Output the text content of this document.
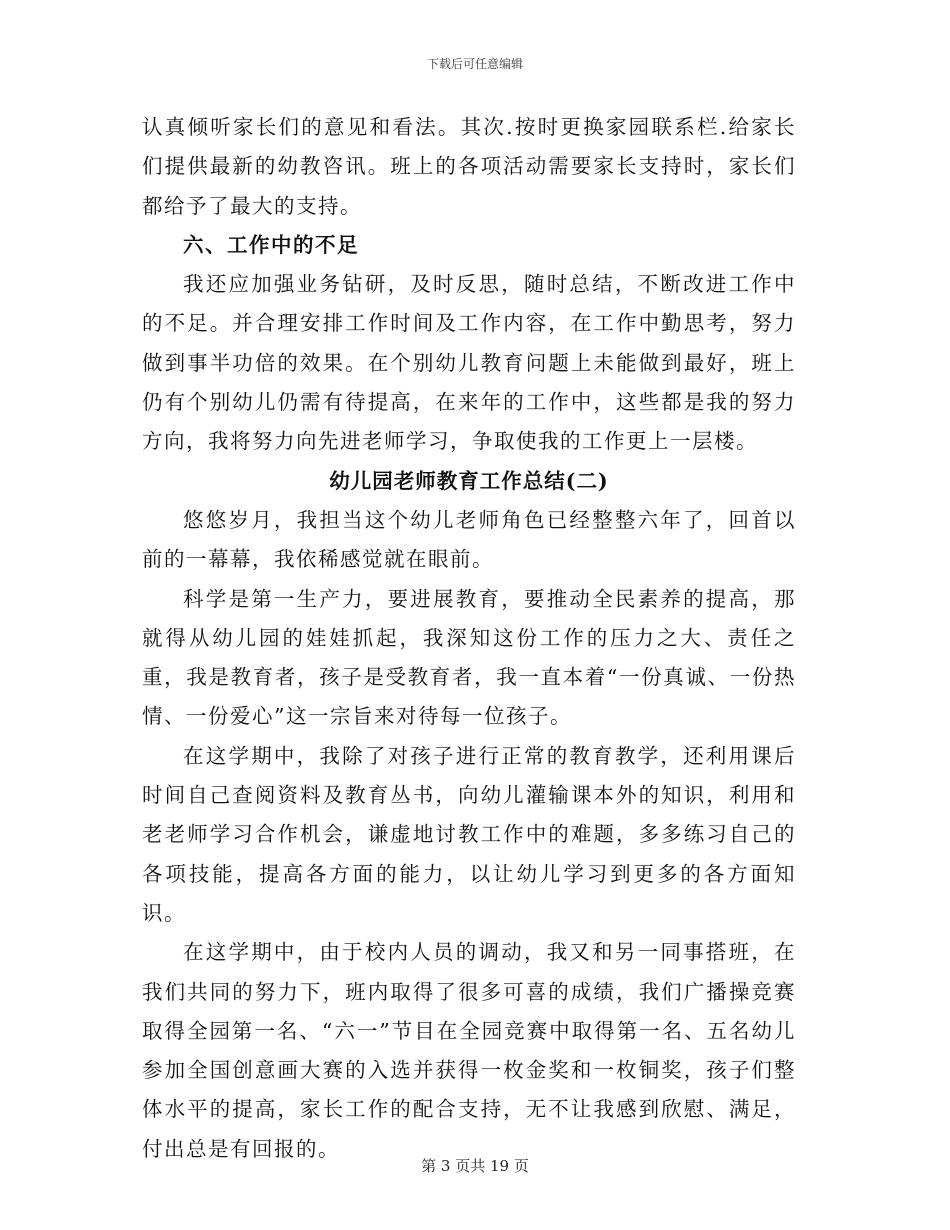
下载后可任意编辑

认真倾听家长们的意见和看法。其次.按时更换家园联系栏.给家长们提供最新的幼教咨讯。班上的各项活动需要家长支持时，家长们都给予了最大的支持。

六、工作中的不足

我还应加强业务钻研，及时反思，随时总结，不断改进工作中的不足。并合理安排工作时间及工作内容，在工作中勤思考，努力做到事半功倍的效果。在个别幼儿教育问题上未能做到最好，班上仍有个别幼儿仍需有待提高，在来年的工作中，这些都是我的努力方向，我将努力向先进老师学习，争取使我的工作更上一层楼。

幼儿园老师教育工作总结(二)

悠悠岁月，我担当这个幼儿老师角色已经整整六年了，回首以前的一幕幕，我依稀感觉就在眼前。

科学是第一生产力，要进展教育，要推动全民素养的提高，那就得从幼儿园的娃娃抓起，我深知这份工作的压力之大、责任之重，我是教育者，孩子是受教育者，我一直本着“一份真诚、一份热情、一份爱心”这一宗旨来对待每一位孩子。

在这学期中，我除了对孩子进行正常的教育教学，还利用课后时间自己查阅资料及教育丛书，向幼儿灌输课本外的知识，利用和老老师学习合作机会，谦虚地讨教工作中的难题，多多练习自己的各项技能，提高各方面的能力，以让幼儿学习到更多的各方面知识。

在这学期中，由于校内人员的调动，我又和另一同事搭班，在我们共同的努力下，班内取得了很多可喜的成绩，我们广播操竞赛取得全园第一名、“六一”节目在全园竞赛中取得第一名、五名幼儿参加全国创意画大赛的入选并获得一枚金奖和一枚铜奖，孩子们整体水平的提高，家长工作的配合支持，无不让我感到欣慰、满足，付出总是有回报的。

第 3 页共 19 页
